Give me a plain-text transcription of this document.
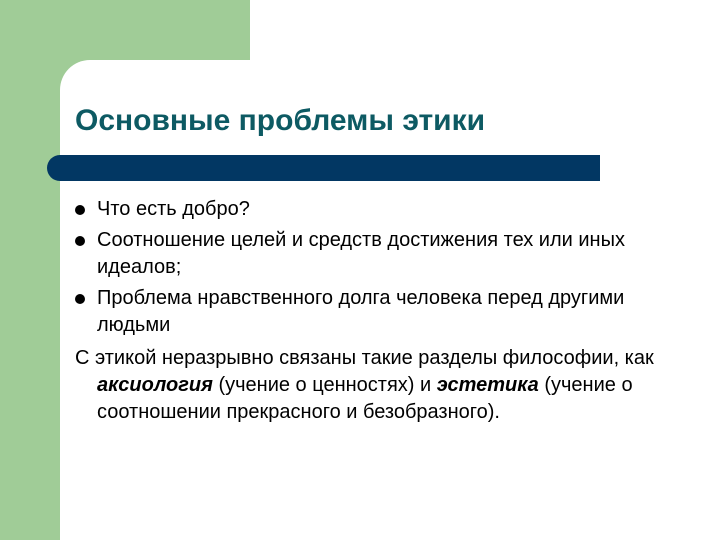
Основные проблемы этики
Что есть добро?
Соотношение целей и средств достижения тех или иных идеалов;
Проблема нравственного долга человека перед другими людьми
С этикой неразрывно связаны такие разделы философии, как аксиология (учение о ценностях) и эстетика (учение о соотношении прекрасного и безобразного).
